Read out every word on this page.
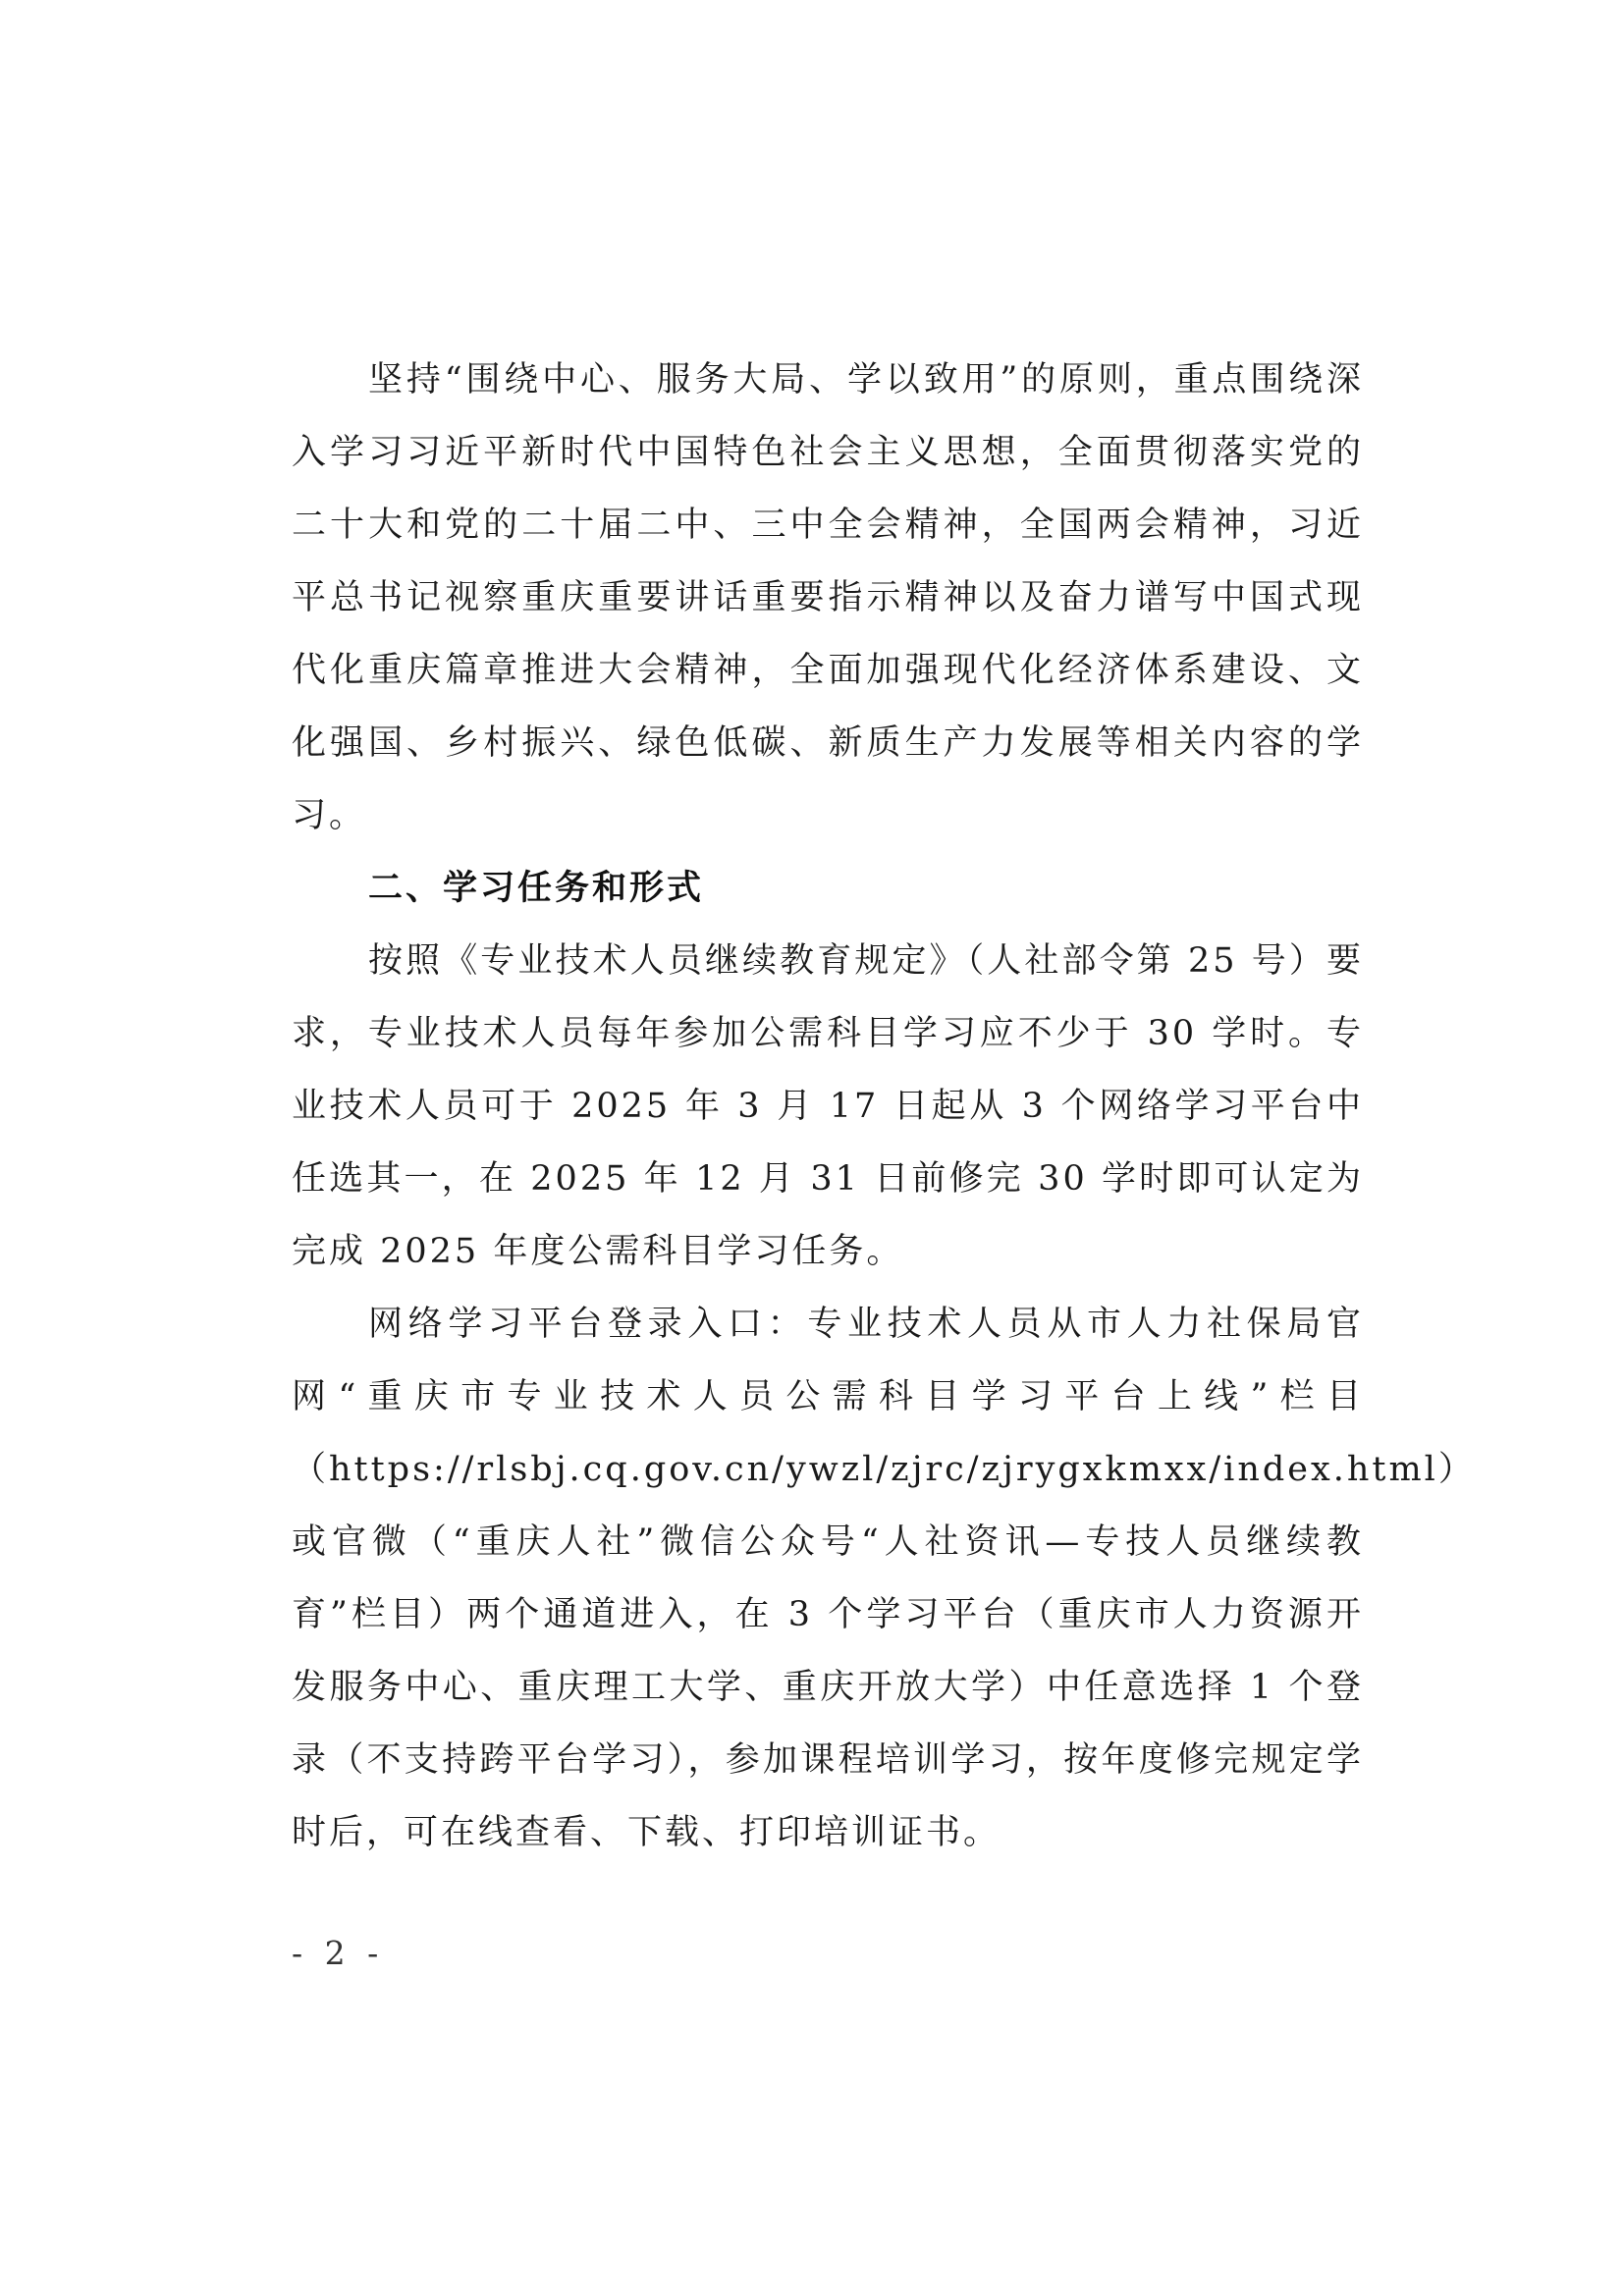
坚持“围绕中心、服务大局、学以致用”的原则，重点围绕深入学习习近平新时代中国特色社会主义思想，全面贯彻落实党的二十大和党的二十届二中、三中全会精神，全国两会精神，习近平总书记视察重庆重要讲话重要指示精神以及奋力谱写中国式现代化重庆篇章推进大会精神，全面加强现代化经济体系建设、文化强国、乡村振兴、绿色低碳、新质生产力发展等相关内容的学习。

二、学习任务和形式

按照《专业技术人员继续教育规定》（人社部令第 25 号）要求，专业技术人员每年参加公需科目学习应不少于 30 学时。专业技术人员可于 2025 年 3 月 17 日起从 3 个网络学习平台中任选其一，在 2025 年 12 月 31 日前修完 30 学时即可认定为完成 2025 年度公需科目学习任务。

网络学习平台登录入口：专业技术人员从市人力社保局官网“重庆市专业技术人员公需科目学习平台上线”栏目（https://rlsbj.cq.gov.cn/ywzl/zjrc/zjrygxkmxx/index.html）或官微（“重庆人社”微信公众号“人社资讯—专技人员继续教育”栏目）两个通道进入，在 3 个学习平台（重庆市人力资源开发服务中心、重庆理工大学、重庆开放大学）中任意选择 1 个登录（不支持跨平台学习），参加课程培训学习，按年度修完规定学时后，可在线查看、下载、打印培训证书。

- 2 -
